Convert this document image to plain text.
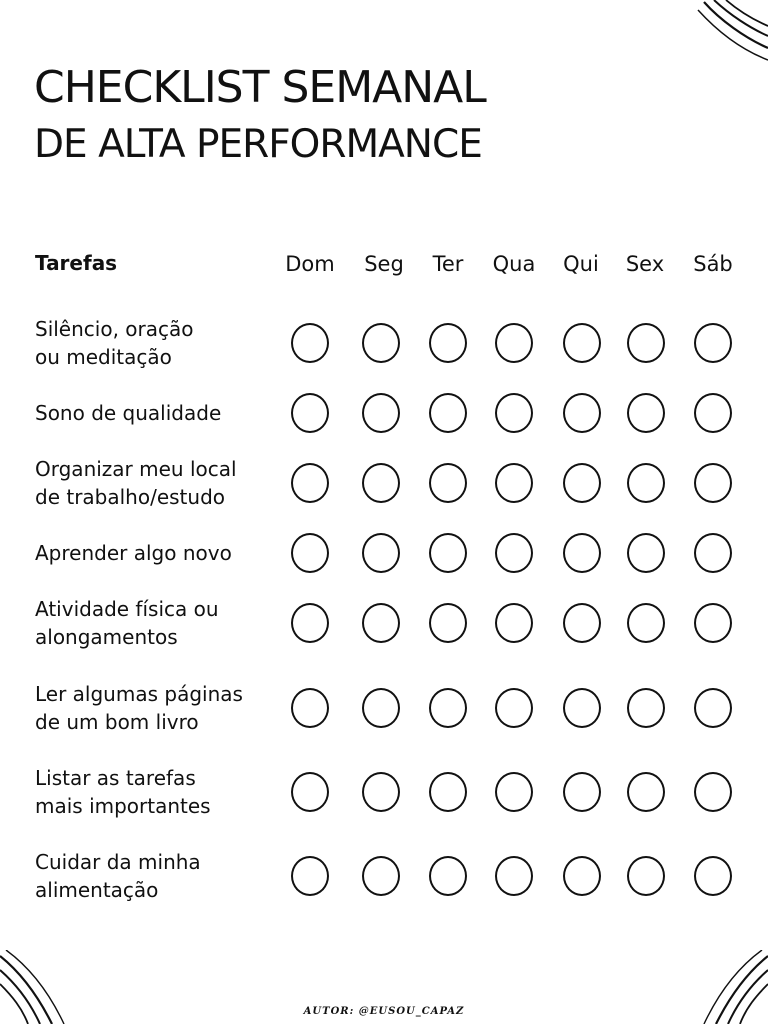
CHECKLIST SEMANAL
DE ALTA PERFORMANCE
Tarefas	Dom	Seg	Ter	Qua	Qui	Sex	Sáb
Silêncio, oração
ou meditação
Sono de qualidade
Organizar meu local
de trabalho/estudo
Aprender algo novo
Atividade física ou
alongamentos
Ler algumas páginas
de um bom livro
Listar as tarefas
mais importantes
Cuidar da minha
alimentação
AUTOR: @EUSOU_CAPAZ
